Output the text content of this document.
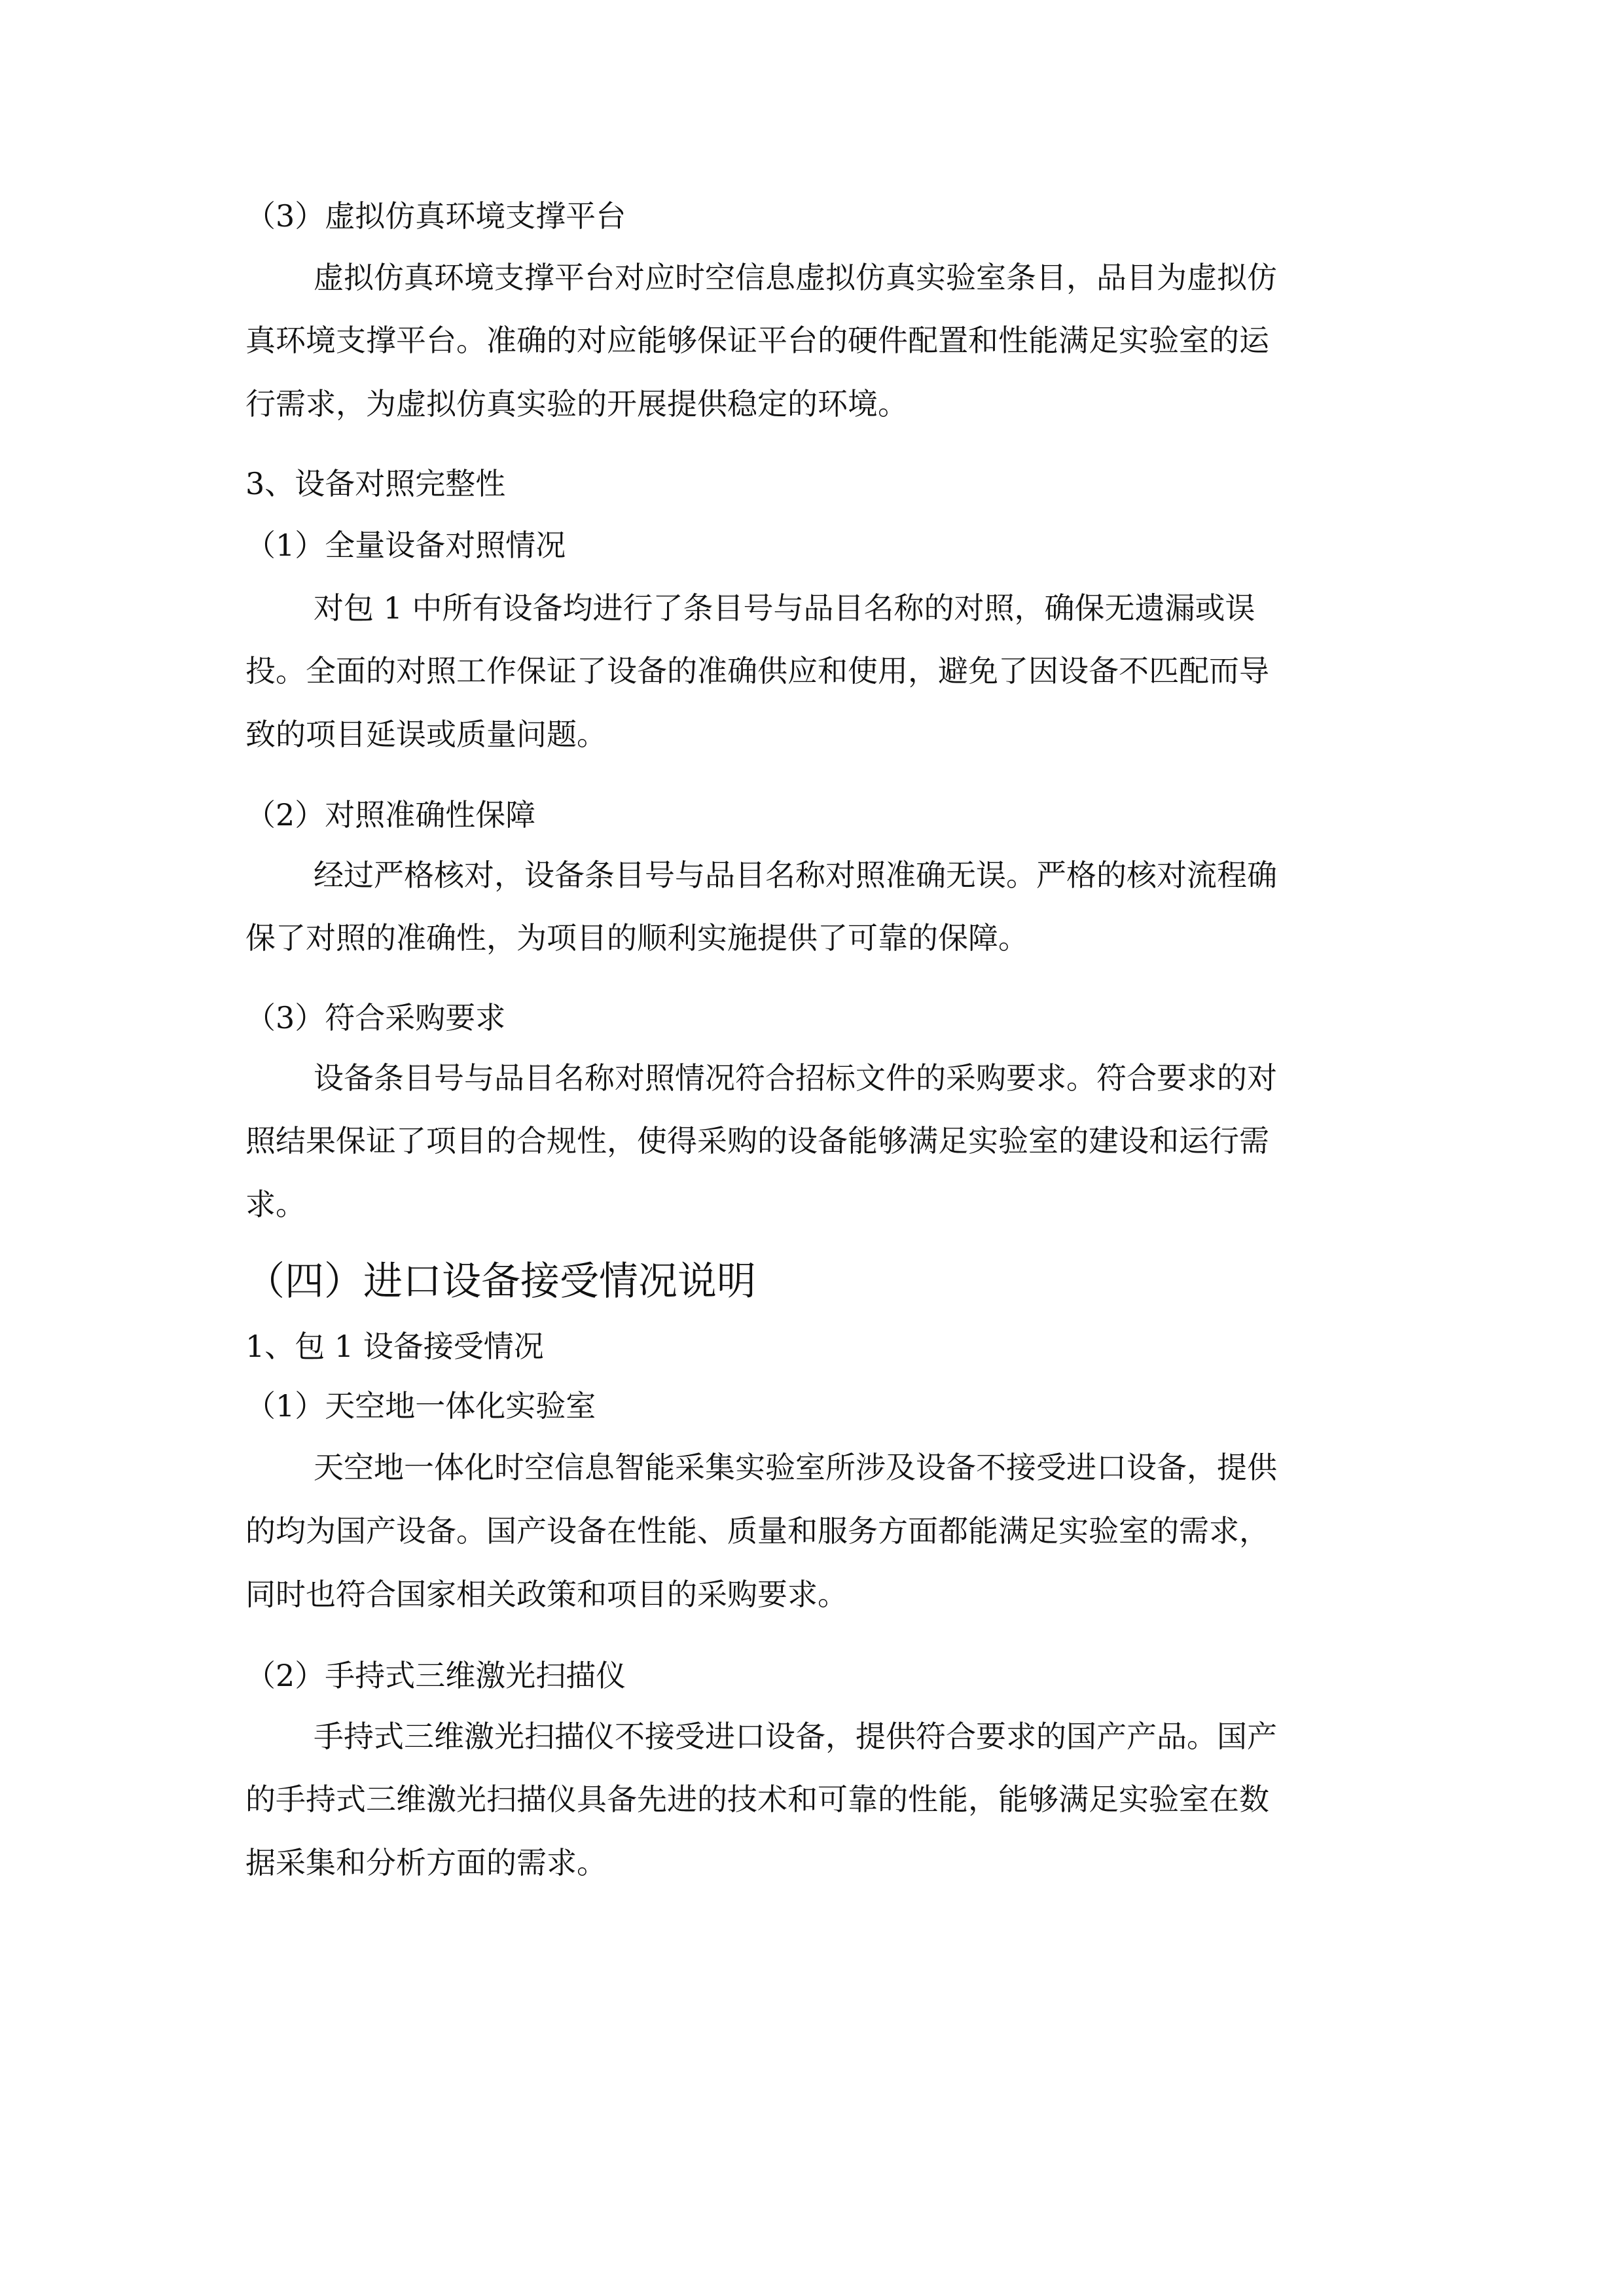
（3）虚拟仿真环境支撑平台

虚拟仿真环境支撑平台对应时空信息虚拟仿真实验室条目，品目为虚拟仿

真环境支撑平台。准确的对应能够保证平台的硬件配置和性能满足实验室的运

行需求，为虚拟仿真实验的开展提供稳定的环境。

3、设备对照完整性

（1）全量设备对照情况

对包 1 中所有设备均进行了条目号与品目名称的对照，确保无遗漏或误

投。全面的对照工作保证了设备的准确供应和使用，避免了因设备不匹配而导

致的项目延误或质量问题。

（2）对照准确性保障

经过严格核对，设备条目号与品目名称对照准确无误。严格的核对流程确

保了对照的准确性，为项目的顺利实施提供了可靠的保障。

（3）符合采购要求

设备条目号与品目名称对照情况符合招标文件的采购要求。符合要求的对

照结果保证了项目的合规性，使得采购的设备能够满足实验室的建设和运行需

求。

（四）进口设备接受情况说明

1、包 1 设备接受情况

（1）天空地一体化实验室

天空地一体化时空信息智能采集实验室所涉及设备不接受进口设备，提供

的均为国产设备。国产设备在性能、质量和服务方面都能满足实验室的需求，

同时也符合国家相关政策和项目的采购要求。

（2）手持式三维激光扫描仪

手持式三维激光扫描仪不接受进口设备，提供符合要求的国产产品。国产

的手持式三维激光扫描仪具备先进的技术和可靠的性能，能够满足实验室在数

据采集和分析方面的需求。
